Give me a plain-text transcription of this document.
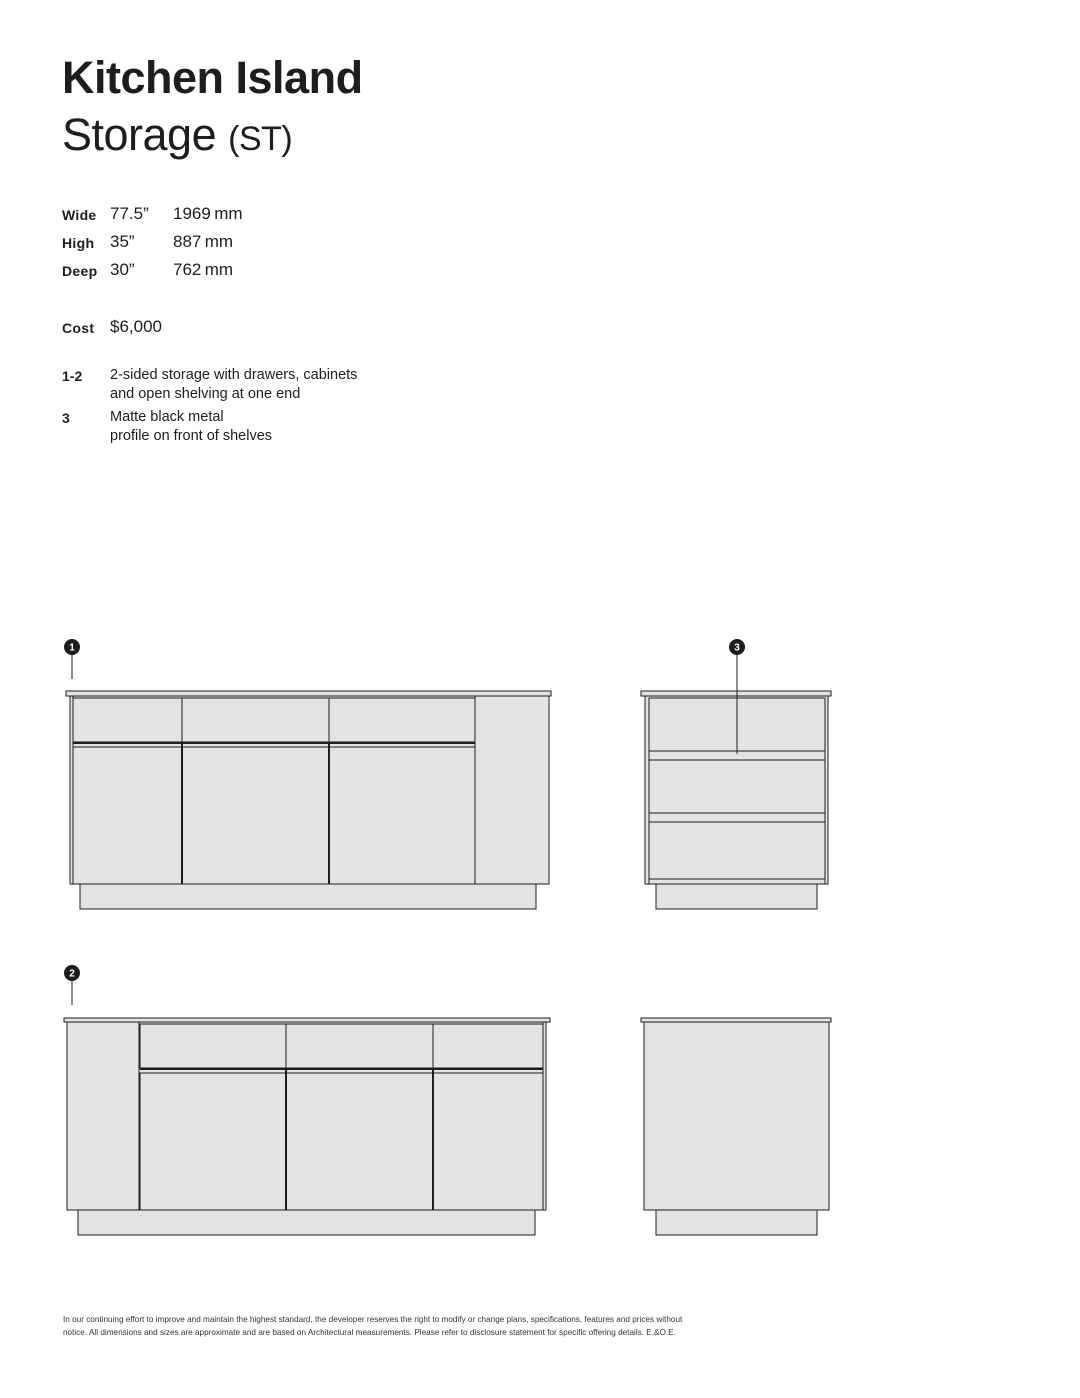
Kitchen Island
Storage (ST)
Wide 77.5” 1969 mm
High 35” 887 mm
Deep 30” 762 mm
Cost $6,000
1-2 2-sided storage with drawers, cabinets
and open shelving at one end
3	Matte black metal
profile on front of shelves
1
2
3
In our continuing effort to improve and maintain the highest standard, the developer reserves the right to modify or change plans, specifications, features and prices without
notice. All dimensions and sizes are approximate and are based on Architectural measurements. Please refer to disclosure statement for specific offering details. E.&O.E.
